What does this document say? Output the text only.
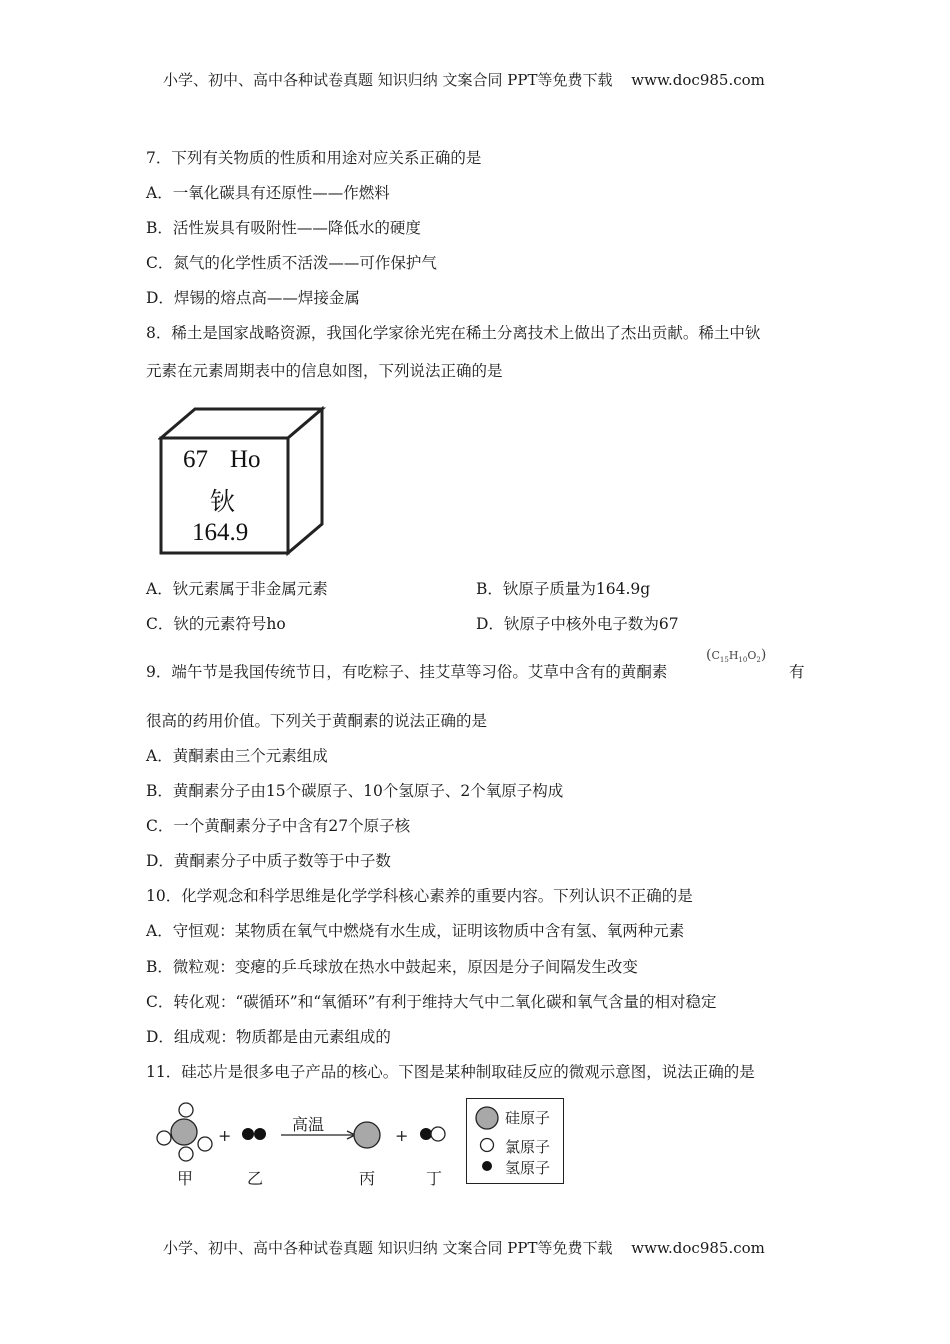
小学、初中、高中各种试卷真题 知识归纳 文案合同 PPT等免费下载 www.doc985.com
7．下列有关物质的性质和用途对应关系正确的是
A．一氧化碳具有还原性——作燃料
B．活性炭具有吸附性——降低水的硬度
C．氮气的化学性质不活泼——可作保护气
D．焊锡的熔点高——焊接金属
8．稀土是国家战略资源，我国化学家徐光宪在稀土分离技术上做出了杰出贡献。稀土中钬
元素在元素周期表中的信息如图，下列说法正确的是
67 Ho
钬
164.9
A．钬元素属于非金属元素	B．钬原子质量为164.9g
C．钬的元素符号ho	D．钬原子中核外电子数为67
9．端午节是我国传统节日，有吃粽子、挂艾草等习俗。艾草中含有的黄酮素
$(C_{15}H_{10}O_2)$
有
很高的药用价值。下列关于黄酮素的说法正确的是
A．黄酮素由三个元素组成
B．黄酮素分子由15个碳原子、10个氢原子、2个氧原子构成
C．一个黄酮素分子中含有27个原子核
D．黄酮素分子中质子数等于中子数
10．化学观念和科学思维是化学学科核心素养的重要内容。下列认识不正确的是
A．守恒观：某物质在氧气中燃烧有水生成，证明该物质中含有氢、氧两种元素
B．微粒观：变瘪的乒乓球放在热水中鼓起来，原因是分子间隔发生改变
C．转化观：“碳循环”和“氧循环”有利于维持大气中二氧化碳和氧气含量的相对稳定
D．组成观：物质都是由元素组成的
11．硅芯片是很多电子产品的核心。下图是某种制取硅反应的微观示意图，说法正确的是
+
高温
+
甲	乙	丙	丁
硅原子
氯原子
氢原子
小学、初中、高中各种试卷真题 知识归纳 文案合同 PPT等免费下载 www.doc985.com
